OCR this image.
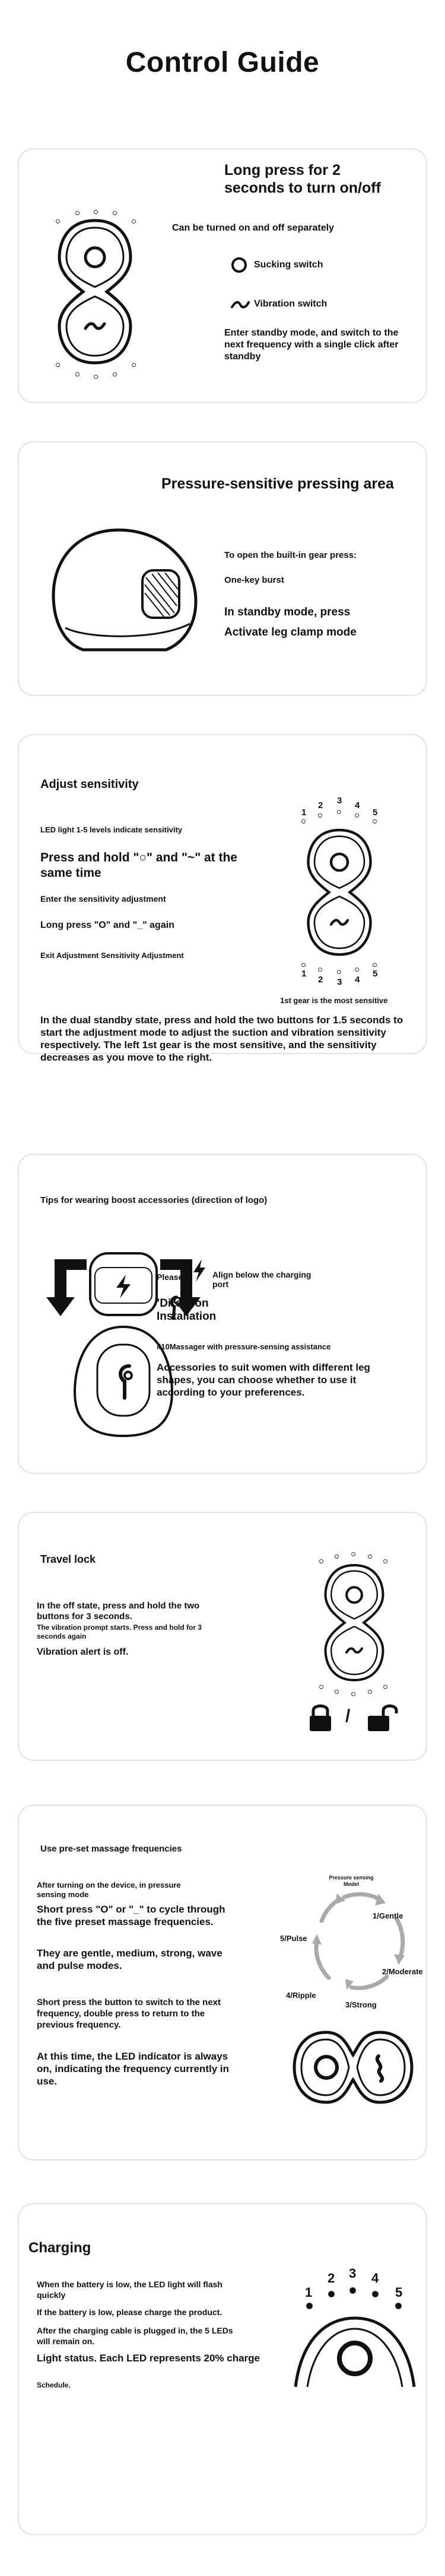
Control Guide
Long press for 2 seconds to turn on/off
Can be turned on and off separately
Sucking switch
Vibration switch
Enter standby mode, and switch to the next frequency with a single click after standby
Pressure-sensitive pressing area
To open the built-in gear press:
One-key burst
In standby mode, press
Activate leg clamp mode
Adjust sensitivity
LED light 1-5 levels indicate sensitivity
Press and hold "○" and "~" at the same time
Enter the sensitivity adjustment
Long press "O" and "_" again
Exit Adjustment Sensitivity Adjustment
1
2 3 4
5
1
2 3 4
5
1st gear is the most sensitive
In the dual standby state, press and hold the two buttons for 1.5 seconds to start the adjustment mode to adjust the suction and vibration sensitivity respectively. The left 1st gear is the most sensitive, and the sensitivity decreases as you move to the right.
Tips for wearing boost accessories (direction of logo)
Please	Align below the charging port
"Direction Installation
#10Massager with pressure-sensing assistance
Accessories to suit women with different leg shapes, you can choose whether to use it according to your preferences.
Travel lock
In the off state, press and hold the two buttons for 3 seconds.
The vibration prompt starts. Press and hold for 3 seconds again
Vibration alert is off.
/
Use pre-set massage frequencies
After turning on the device, in pressure sensing mode
Short press "O" or "_" to cycle through the five preset massage frequencies.
They are gentle, medium, strong, wave and pulse modes.
Short press the button to switch to the next frequency, double press to return to the previous frequency.
At this time, the LED indicator is always on, indicating the frequency currently in use.
Pressure sensing Model
1/Gentle
2/Moderate
3/Strong
4/Ripple
5/Pulse
Charging
When the battery is low, the LED light will flash quickly
If the battery is low, please charge the product.
After the charging cable is plugged in, the 5 LEDs will remain on.
Light status. Each LED represents 20% charge
Schedule.
1
2 3 4
5
